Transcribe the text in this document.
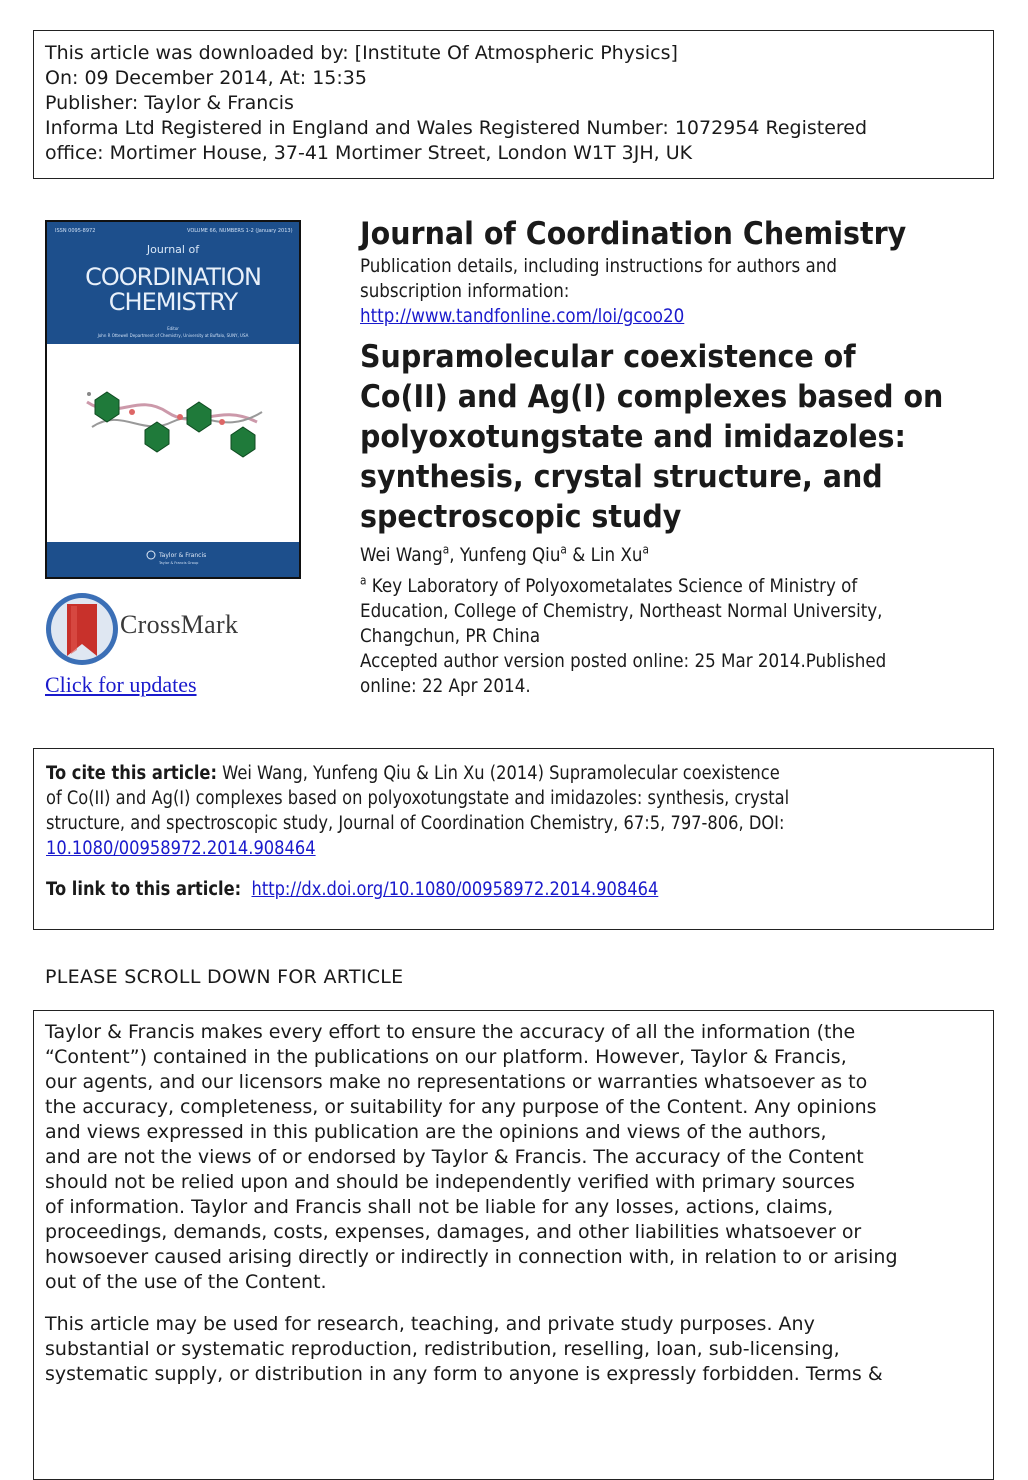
This article was downloaded by: [Institute Of Atmospheric Physics]
On: 09 December 2014, At: 15:35
Publisher: Taylor & Francis
Informa Ltd Registered in England and Wales Registered Number: 1072954 Registered
office: Mortimer House, 37-41 Mortimer Street, London W1T 3JH, UK
ISSN 0095-8972	VOLUME 66, NUMBERS 1-2 (January 2013)
Journal of
COORDINATION
CHEMISTRY
Editor
John R Ottewell Department of Chemistry, University at Buffalo, SUNY, USA
Taylor & Francis
Taylor & Francis Group
CrossMark
Click for updates
Journal of Coordination Chemistry
Publication details, including instructions for authors and
subscription information:
http://www.tandfonline.com/loi/gcoo20
Supramolecular coexistence of
Co(II) and Ag(I) complexes based on
polyoxotungstate and imidazoles:
synthesis, crystal structure, and
spectroscopic study
Wei Wang$^a$, Yunfeng Qiu$^a$ & Lin Xu$^a$
$^a$ Key Laboratory of Polyoxometalates Science of Ministry of
Education, College of Chemistry, Northeast Normal University,
Changchun, PR China
Accepted author version posted online: 25 Mar 2014.Published
online: 22 Apr 2014.
To cite this article: Wei Wang, Yunfeng Qiu & Lin Xu (2014) Supramolecular coexistence
of Co(II) and Ag(I) complexes based on polyoxotungstate and imidazoles: synthesis, crystal
structure, and spectroscopic study, Journal of Coordination Chemistry, 67:5, 797-806, DOI:
10.1080/00958972.2014.908464
To link to this article: http://dx.doi.org/10.1080/00958972.2014.908464
PLEASE SCROLL DOWN FOR ARTICLE
Taylor & Francis makes every effort to ensure the accuracy of all the information (the
“Content”) contained in the publications on our platform. However, Taylor & Francis,
our agents, and our licensors make no representations or warranties whatsoever as to
the accuracy, completeness, or suitability for any purpose of the Content. Any opinions
and views expressed in this publication are the opinions and views of the authors,
and are not the views of or endorsed by Taylor & Francis. The accuracy of the Content
should not be relied upon and should be independently verified with primary sources
of information. Taylor and Francis shall not be liable for any losses, actions, claims,
proceedings, demands, costs, expenses, damages, and other liabilities whatsoever or
howsoever caused arising directly or indirectly in connection with, in relation to or arising
out of the use of the Content.
This article may be used for research, teaching, and private study purposes. Any
substantial or systematic reproduction, redistribution, reselling, loan, sub-licensing,
systematic supply, or distribution in any form to anyone is expressly forbidden. Terms &
